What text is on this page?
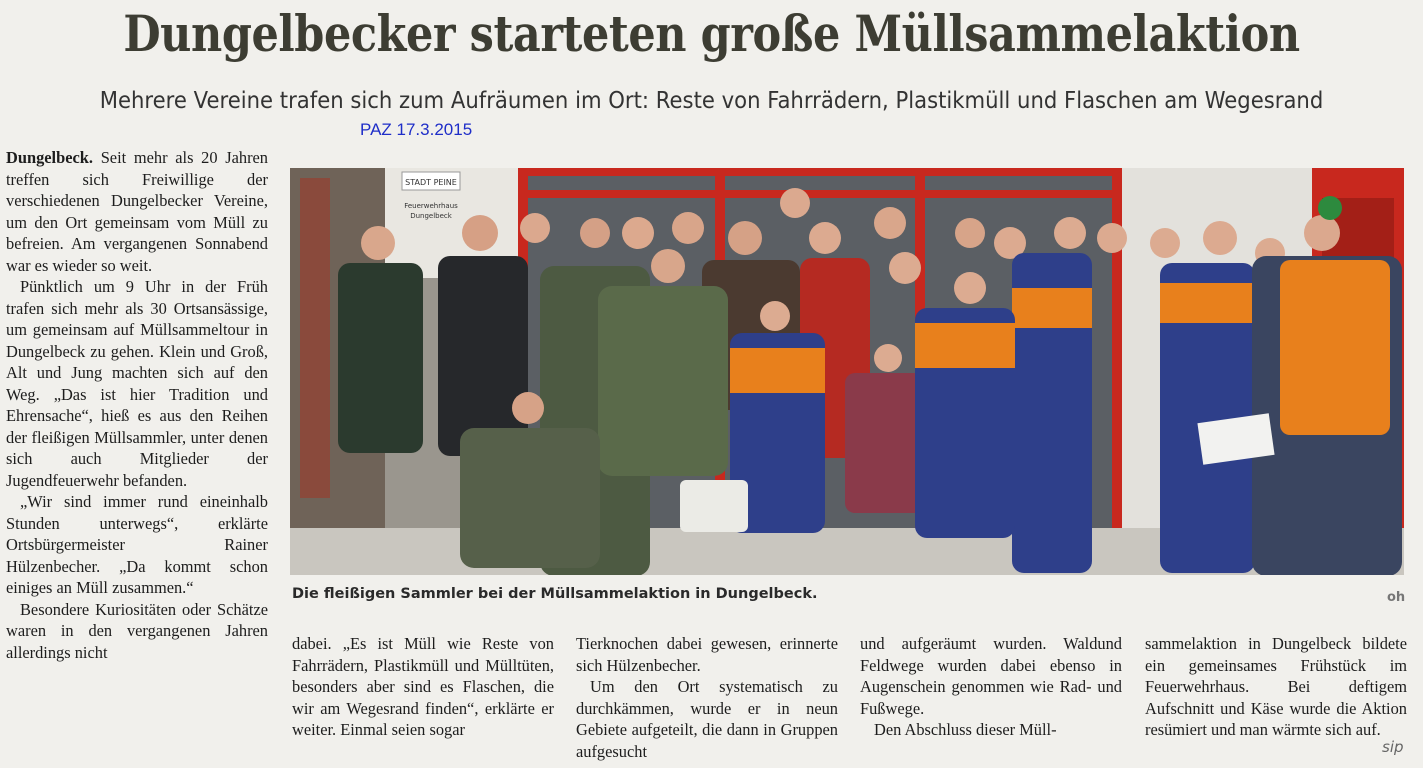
Dungelbecker starteten große Müllsammelaktion
Mehrere Vereine trafen sich zum Aufräumen im Ort: Reste von Fahrrädern, Plastikmüll und Flaschen am Wegesrand
PAZ 17.3.2015

Dungelbeck. Seit mehr als 20 Jahren treffen sich Freiwillige der verschiedenen Dungelbecker Vereine, um den Ort gemeinsam vom Müll zu befreien. Am vergangenen Sonnabend war es wieder so weit.

Pünktlich um 9 Uhr in der Früh trafen sich mehr als 30 Ortsansässige, um gemeinsam auf Müllsammeltour in Dungelbeck zu gehen. Klein und Groß, Alt und Jung machten sich auf den Weg. „Das ist hier Tradition und Ehrensache“, hieß es aus den Reihen der fleißigen Müllsammler, unter denen sich auch Mitglieder der Jugendfeuerwehr befanden.

„Wir sind immer rund eineinhalb Stunden unterwegs“, erklärte Ortsbürgermeister Rainer Hülzenbecher. „Da kommt schon einiges an Müll zusammen.“

Besondere Kuriositäten oder Schätze waren in den vergangenen Jahren allerdings nicht

STADT PEINE
Feuerwehrhaus
Dungelbeck
Die fleißigen Sammler bei der Müllsammelaktion in Dungelbeck.	oh

dabei. „Es ist Müll wie Reste von Fahrrädern, Plastikmüll und Mülltüten, besonders aber sind es Flaschen, die wir am Wegesrand finden“, erklärte er weiter. Einmal seien sogar

Tierknochen dabei gewesen, erinnerte sich Hülzenbecher.

Um den Ort systematisch zu durchkämmen, wurde er in neun Gebiete aufgeteilt, die dann in Gruppen aufgesucht

und aufgeräumt wurden. Waldund Feldwege wurden dabei ebenso in Augenschein genommen wie Rad- und Fußwege.

Den Abschluss dieser Müll-

sammelaktion in Dungelbeck bildete ein gemeinsames Frühstück im Feuerwehrhaus. Bei deftigem Aufschnitt und Käse wurde die Aktion resümiert und man wärmte sich auf.

sip
